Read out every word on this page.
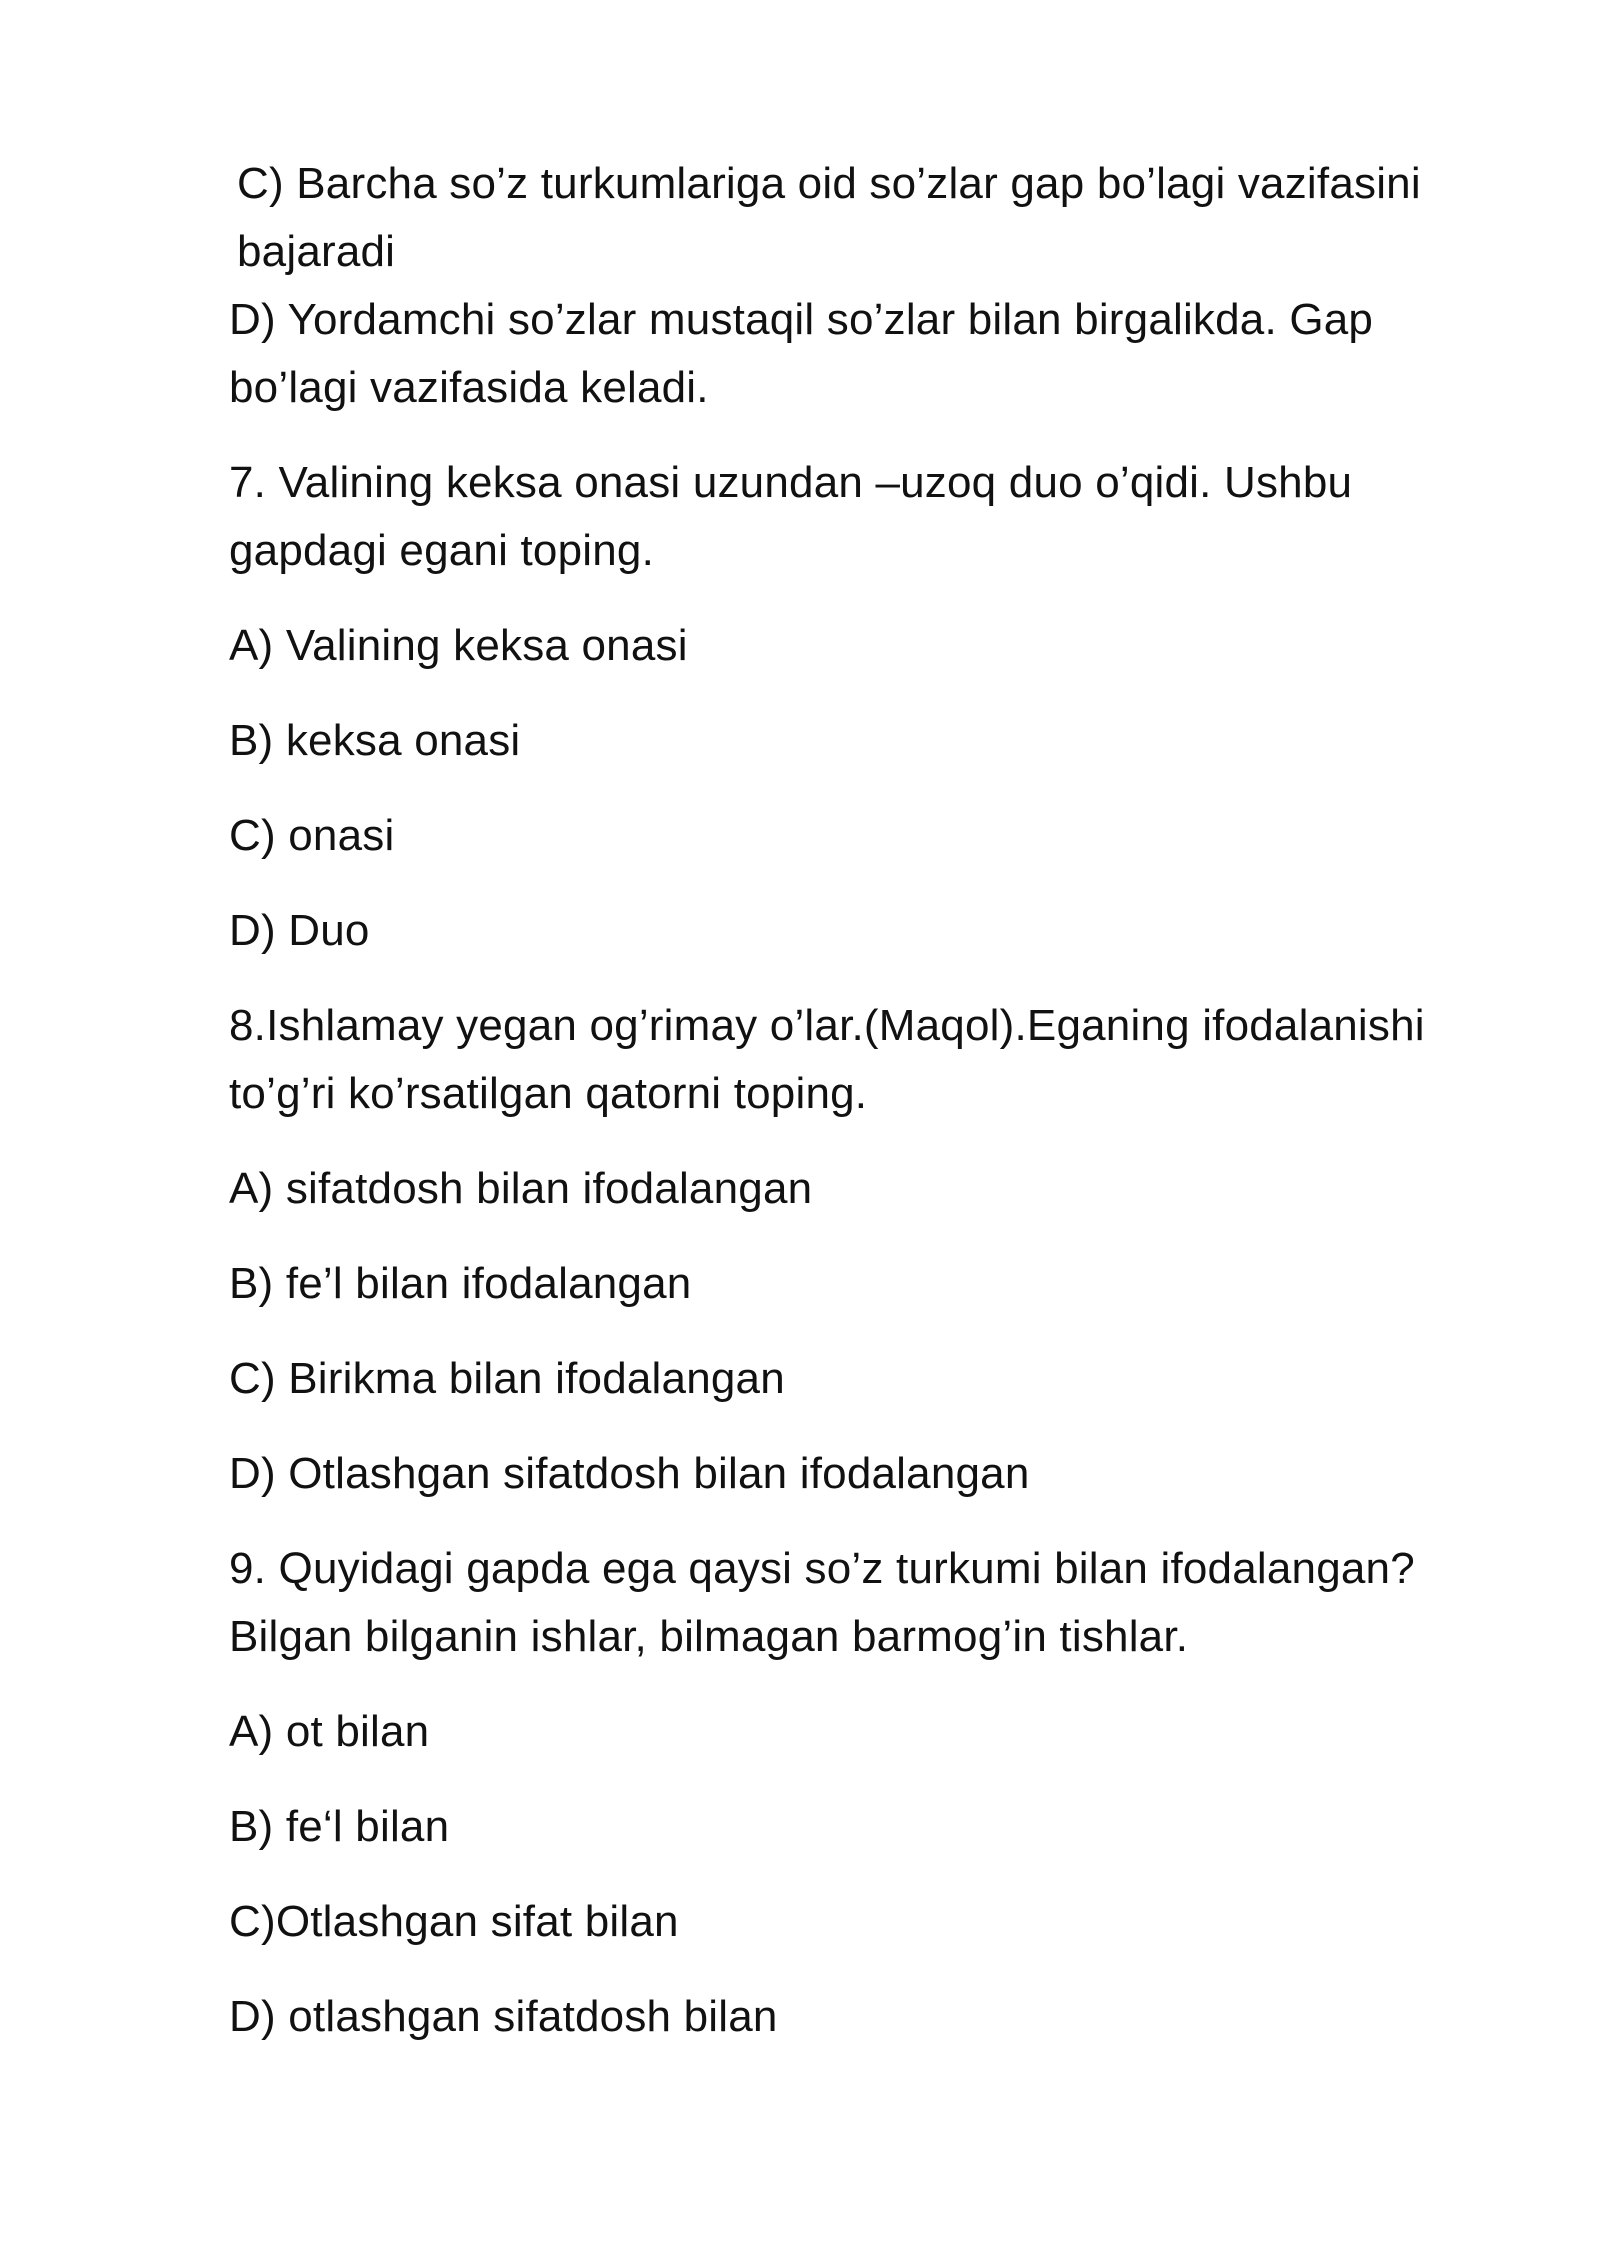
C) Barcha so’z turkumlariga oid so’zlar gap bo’lagi vazifasini bajaradi

D) Yordamchi so’zlar mustaqil so’zlar bilan birgalikda. Gap bo’lagi vazifasida keladi.

7. Valining keksa onasi uzundan –uzoq duo o’qidi. Ushbu gapdagi egani toping.

A) Valining keksa onasi

B) keksa onasi

C) onasi

D) Duo

8.Ishlamay yegan og’rimay o’lar.(Maqol).Eganing ifodalanishi to’g’ri ko’rsatilgan qatorni toping.

A) sifatdosh bilan ifodalangan

B) fe’l bilan ifodalangan

C) Birikma bilan ifodalangan

D) Otlashgan sifatdosh bilan ifodalangan

9. Quyidagi gapda ega qaysi so’z turkumi bilan ifodalangan? Bilgan bilganin ishlar, bilmagan barmog’in tishlar.

A) ot bilan

B) fe‘l bilan

C)Otlashgan sifat bilan

D) otlashgan sifatdosh bilan
